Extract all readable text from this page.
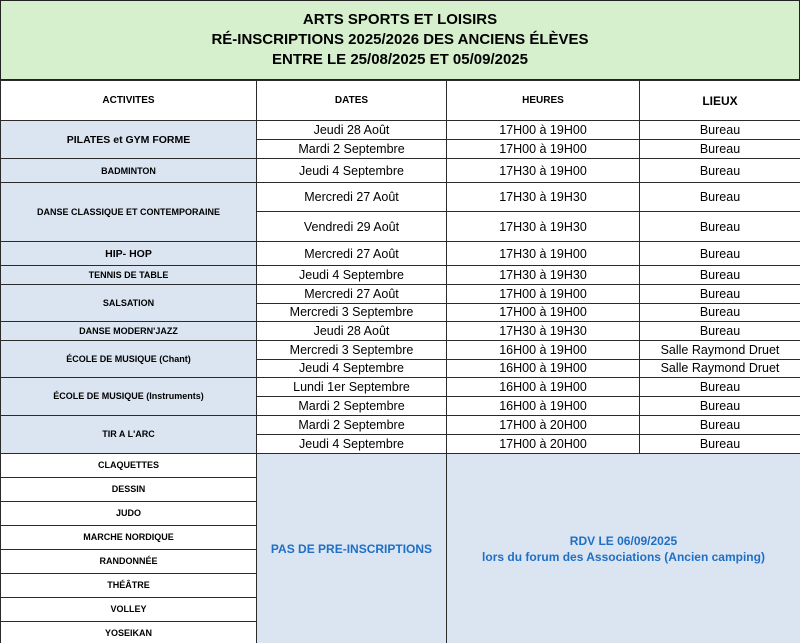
ARTS SPORTS ET LOISIRS
RÉ-INSCRIPTIONS 2025/2026 DES ANCIENS ÉLÈVES
ENTRE LE 25/08/2025 ET 05/09/2025
ACTIVITES	DATES	HEURES	LIEUX
PILATES et GYM FORME	Jeudi 28 Août	17H00 à 19H00	Bureau
	Mardi 2 Septembre	17H00 à 19H00	Bureau
BADMINTON	Jeudi 4 Septembre	17H30 à 19H00	Bureau
DANSE CLASSIQUE ET CONTEMPORAINE	Mercredi 27 Août	17H30 à 19H30	Bureau
	Vendredi 29 Août	17H30 à 19H30	Bureau
HIP- HOP	Mercredi 27 Août	17H30 à 19H00	Bureau
TENNIS DE TABLE	Jeudi 4 Septembre	17H30 à 19H30	Bureau
SALSATION	Mercredi 27 Août	17H00 à 19H00	Bureau
	Mercredi 3 Septembre	17H00 à 19H00	Bureau
DANSE MODERN'JAZZ	Jeudi 28 Août	17H30 à 19H30	Bureau
ÉCOLE DE MUSIQUE (Chant)	Mercredi 3 Septembre	16H00 à 19H00	Salle Raymond Druet
	Jeudi 4 Septembre	16H00 à 19H00	Salle Raymond Druet
ÉCOLE DE MUSIQUE (Instruments)	Lundi 1er Septembre	16H00 à 19H00	Bureau
	Mardi 2 Septembre	16H00 à 19H00	Bureau
TIR A L'ARC	Mardi 2 Septembre	17H00 à 20H00	Bureau
	Jeudi 4 Septembre	17H00 à 20H00	Bureau
CLAQUETTES	PAS DE PRE-INSCRIPTIONS	RDV LE 06/09/2025
lors du forum des Associations (Ancien camping)	

DESSIN			
JUDO			
MARCHE NORDIQUE			
RANDONNÉE			
THÉÂTRE			
VOLLEY			
YOSEIKAN			
